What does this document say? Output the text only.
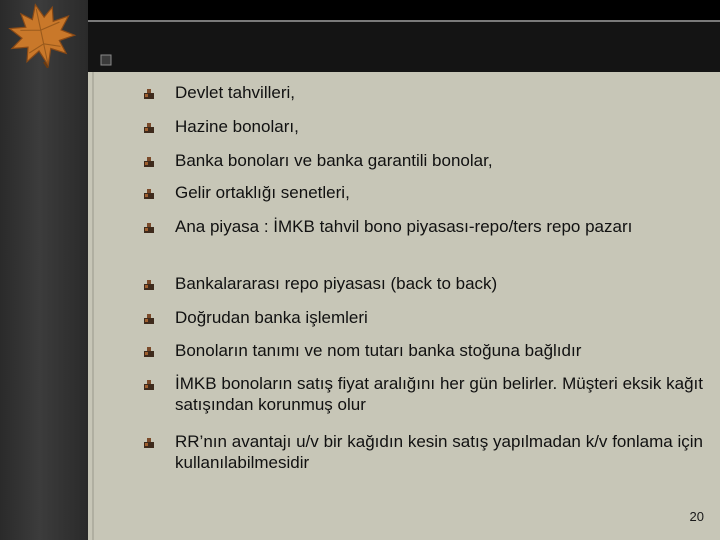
Devlet tahvilleri,
Hazine bonoları,
Banka bonoları ve banka garantili bonolar,
Gelir ortaklığı senetleri,
Ana piyasa : İMKB tahvil bono piyasası-repo/ters repo pazarı
Bankalararası repo piyasası (back to back)
Doğrudan banka işlemleri
Bonoların tanımı ve nom tutarı banka stoğuna bağlıdır
İMKB bonoların satış fiyat aralığını her gün belirler. Müşteri eksik kağıt satışından korunmuş olur
RR’nın avantajı u/v bir kağıdın kesin satış yapılmadan k/v fonlama için kullanılabilmesidir
20
